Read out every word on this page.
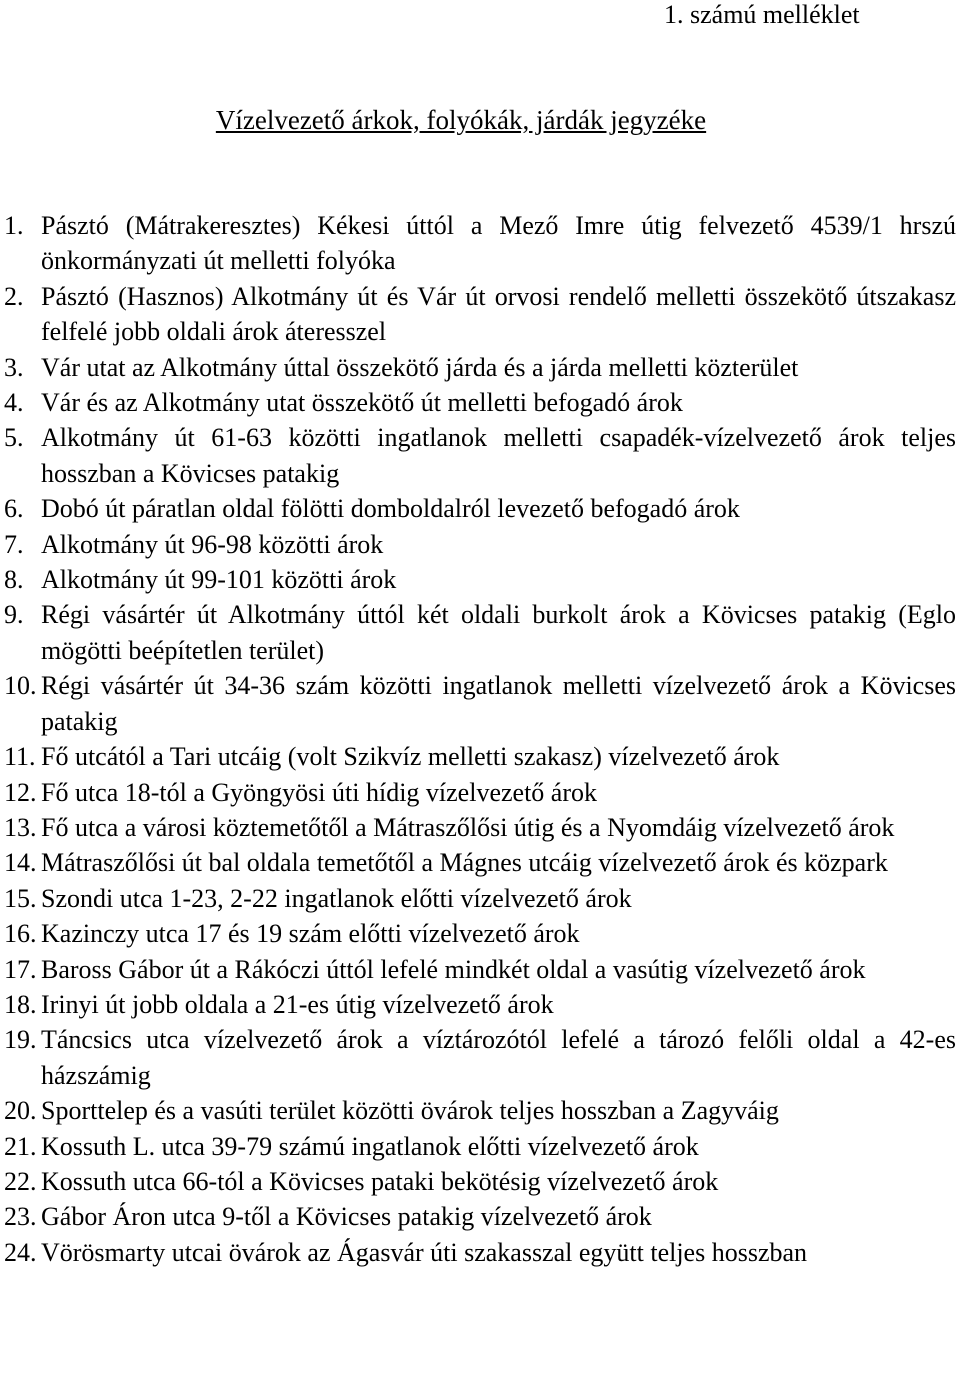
1. számú melléklet
Vízelvezető árkok, folyókák, járdák jegyzéke
1. Pásztó (Mátrakeresztes) Kékesi úttól a Mező Imre útig felvezető 4539/1 hrszú önkormányzati út melletti folyóka
2. Pásztó (Hasznos) Alkotmány út és Vár út orvosi rendelő melletti összekötő útszakasz felfelé jobb oldali árok áteresszel
3. Vár utat az Alkotmány úttal összekötő járda és a járda melletti közterület
4. Vár és az Alkotmány utat összekötő út melletti befogadó árok
5. Alkotmány út 61-63 közötti ingatlanok melletti csapadék-vízelvezető árok teljes hosszban a Kövicses patakig
6. Dobó út páratlan oldal fölötti domboldalról levezető befogadó árok
7. Alkotmány út 96-98 közötti árok
8. Alkotmány út 99-101 közötti árok
9. Régi vásártér út Alkotmány úttól két oldali burkolt árok a Kövicses patakig (Eglo mögötti beépítetlen terület)
10. Régi vásártér út 34-36 szám közötti ingatlanok melletti vízelvezető árok a Kövicses patakig
11. Fő utcától a Tari utcáig (volt Szikvíz melletti szakasz) vízelvezető árok
12. Fő utca 18-tól a Gyöngyösi úti hídig vízelvezető árok
13. Fő utca a városi köztemetőtől a Mátraszőlősi útig és a Nyomdáig vízelvezető árok
14. Mátraszőlősi út bal oldala temetőtől a Mágnes utcáig vízelvezető árok és közpark
15. Szondi utca 1-23, 2-22 ingatlanok előtti vízelvezető árok
16. Kazinczy utca 17 és 19 szám előtti vízelvezető árok
17. Baross Gábor út a Rákóczi úttól lefelé mindkét oldal a vasútig vízelvezető árok
18. Irinyi út jobb oldala a 21-es útig vízelvezető árok
19. Táncsics utca vízelvezető árok a víztározótól lefelé a tározó felőli oldal a 42-es házszámig
20. Sporttelep és a vasúti terület közötti övárok teljes hosszban a Zagyváig
21. Kossuth L. utca 39-79 számú ingatlanok előtti vízelvezető árok
22. Kossuth utca 66-tól a Kövicses pataki bekötésig vízelvezető árok
23. Gábor Áron utca 9-től a Kövicses patakig vízelvezető árok
24. Vörösmarty utcai övárok az Ágasvár úti szakasszal együtt teljes hosszban
